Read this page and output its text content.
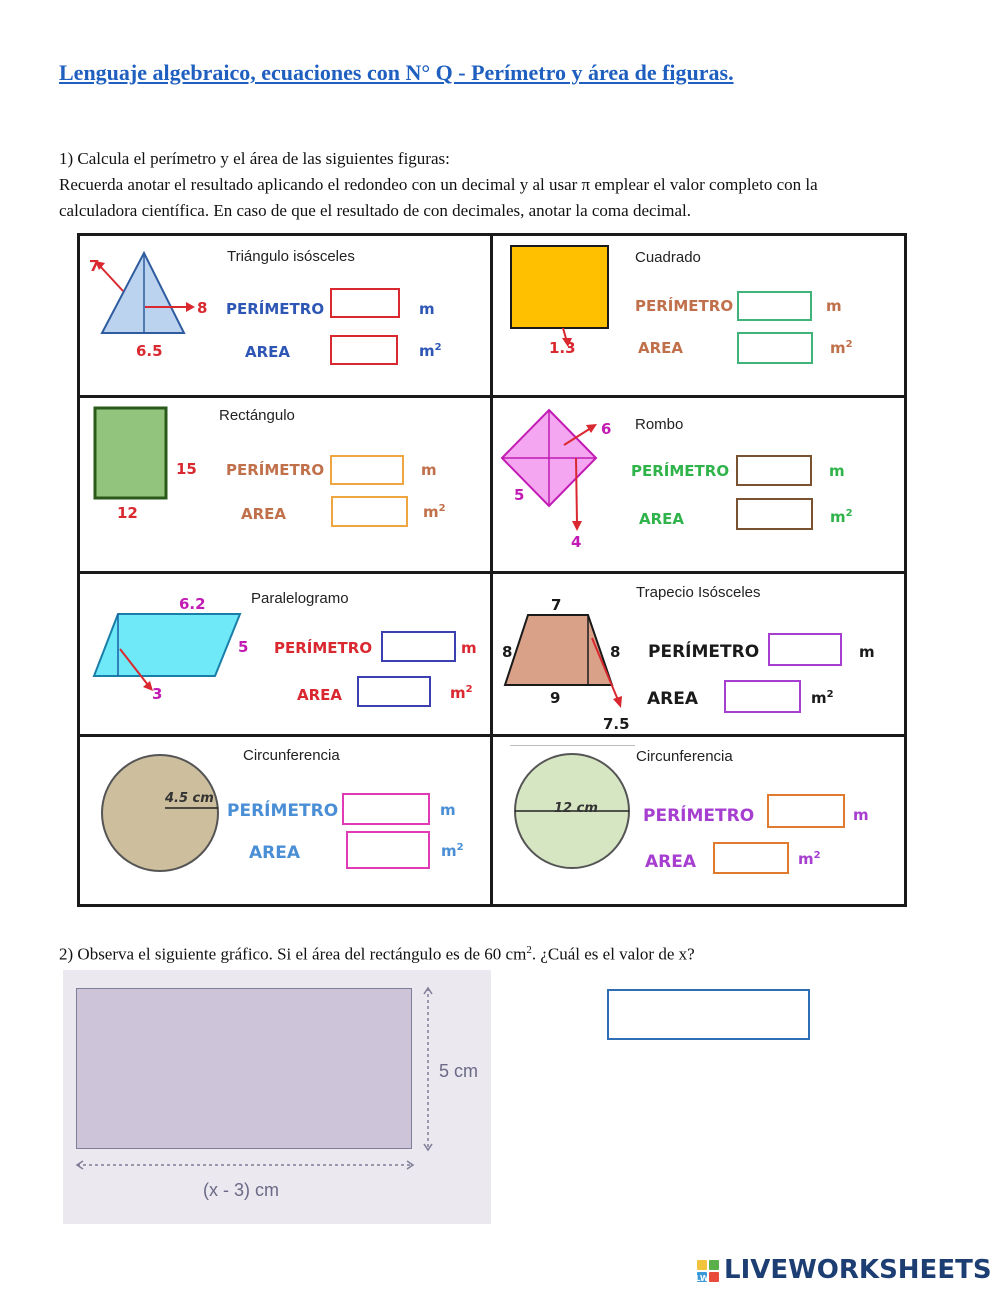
Lenguaje algebraico, ecuaciones con N° Q - Perímetro y área de figuras.

1) Calcula el perímetro y el área de las siguientes figuras:

Recuerda anotar el resultado aplicando el redondeo con un decimal y al usar π emplear el valor completo con la

calculadora científica. En caso de que el resultado de con decimales, anotar la coma decimal.

7
8
6.5
Triángulo isósceles
PERÍMETRO	m
AREA	$m^2$	1.3
Cuadrado
PERÍMETRO	m
AREA	$m^2$
15
12
Rectángulo
PERÍMETRO	m
AREA	$m^2$
6
5
4
Rombo
PERÍMETRO	m
AREA	$m^2$
6.2
5
3
Paralelogramo
PERÍMETRO	m
AREA	$m^2$
7
8	8
9
7.5
Trapecio Isósceles
PERÍMETRO	m
AREA	$m^2$
4.5 cm
Circunferencia
PERÍMETRO	m
AREA	$m^2$
12 cm
Circunferencia
PERÍMETRO	m
AREA	$m^2$
2) Observa el siguiente gráfico. Si el área del rectángulo es de 60 $cm^2$. ¿Cuál es el valor de x?
5 cm
(x - 3) cm
LW LIVEWORKSHEETS
